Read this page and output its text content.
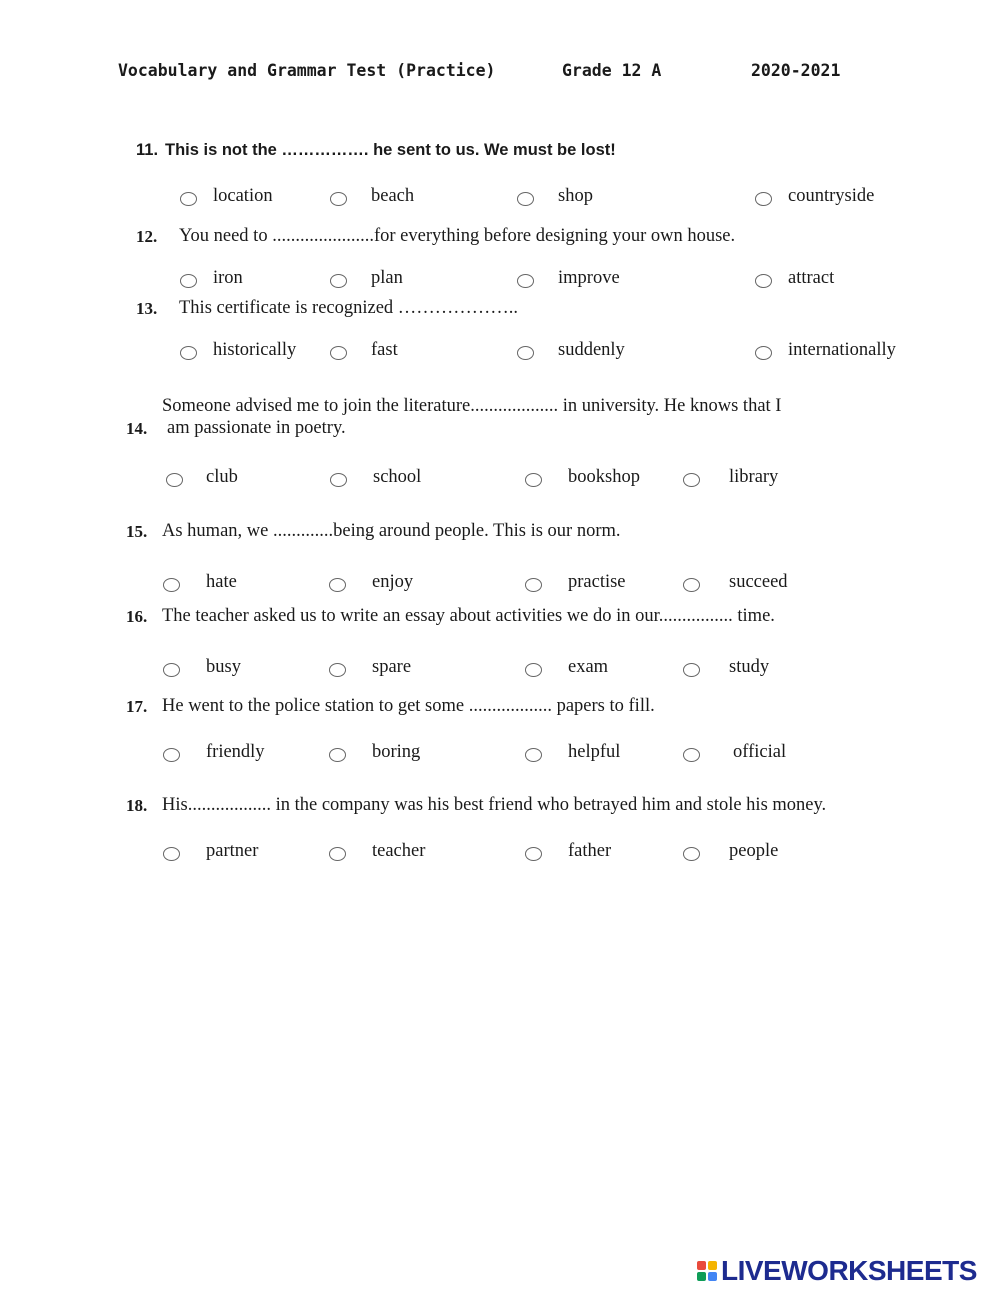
Vocabulary and Grammar Test (Practice)	Grade 12 A	2020-2021
11. This is not the ……………. he sent to us. We must be lost!
location	beach	shop	countryside
12. You need to ......................for everything before designing your own house.
iron	plan	improve	attract
13. This certificate is recognized ………………..
historically	fast	suddenly	internationally
Someone advised me to join the literature................... in university. He knows that I
14. am passionate in poetry.
club	school	bookshop	library
15. As human, we .............being around people. This is our norm.
hate	enjoy	practise	succeed
16. The teacher asked us to write an essay about activities we do in our................ time.
busy	spare	exam	study
17. He went to the police station to get some .................. papers to fill.
friendly	boring	helpful	official
18. His.................. in the company was his best friend who betrayed him and stole his money.
partner	teacher	father	people
LIVEWORKSHEETS
